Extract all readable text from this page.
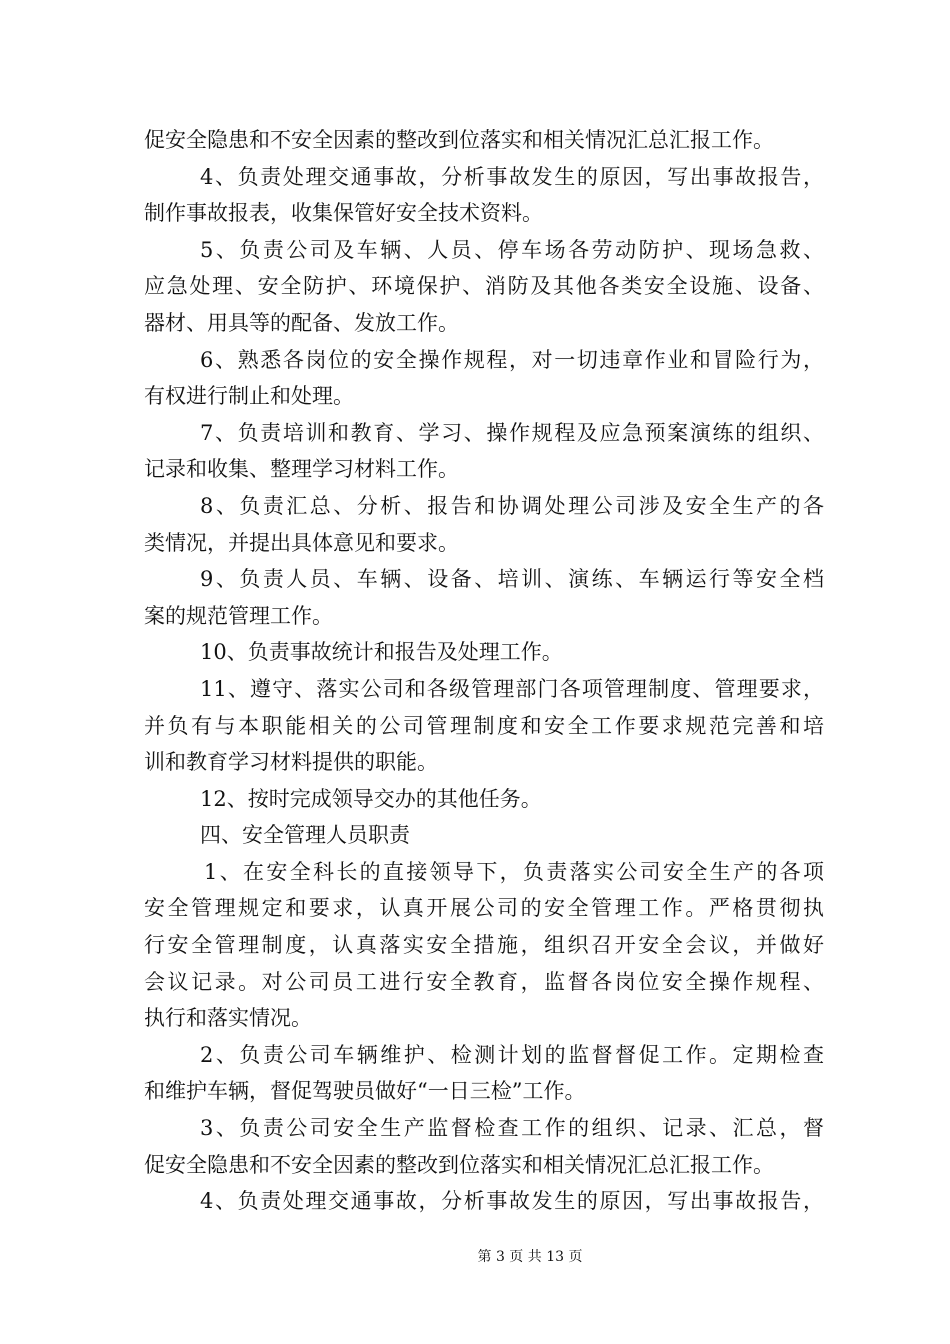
促安全隐患和不安全因素的整改到位落实和相关情况汇总汇报工作。
4、负责处理交通事故，分析事故发生的原因，写出事故报告，
制作事故报表，收集保管好安全技术资料。
5、负责公司及车辆、人员、停车场各劳动防护、现场急救、
应急处理、安全防护、环境保护、消防及其他各类安全设施、设备、
器材、用具等的配备、发放工作。
6、熟悉各岗位的安全操作规程，对一切违章作业和冒险行为，
有权进行制止和处理。
7、负责培训和教育、学习、操作规程及应急预案演练的组织、
记录和收集、整理学习材料工作。
8、负责汇总、分析、报告和协调处理公司涉及安全生产的各
类情况，并提出具体意见和要求。
9、负责人员、车辆、设备、培训、演练、车辆运行等安全档
案的规范管理工作。
10、负责事故统计和报告及处理工作。
11、遵守、落实公司和各级管理部门各项管理制度、管理要求，
并负有与本职能相关的公司管理制度和安全工作要求规范完善和培
训和教育学习材料提供的职能。
12、按时完成领导交办的其他任务。
四、安全管理人员职责
1、在安全科长的直接领导下，负责落实公司安全生产的各项
安全管理规定和要求，认真开展公司的安全管理工作。严格贯彻执
行安全管理制度，认真落实安全措施，组织召开安全会议，并做好
会议记录。对公司员工进行安全教育，监督各岗位安全操作规程、
执行和落实情况。
2、负责公司车辆维护、检测计划的监督督促工作。定期检查
和维护车辆，督促驾驶员做好“一日三检”工作。
3、负责公司安全生产监督检查工作的组织、记录、汇总，督
促安全隐患和不安全因素的整改到位落实和相关情况汇总汇报工作。
4、负责处理交通事故，分析事故发生的原因，写出事故报告，
第 3 页 共 13 页
